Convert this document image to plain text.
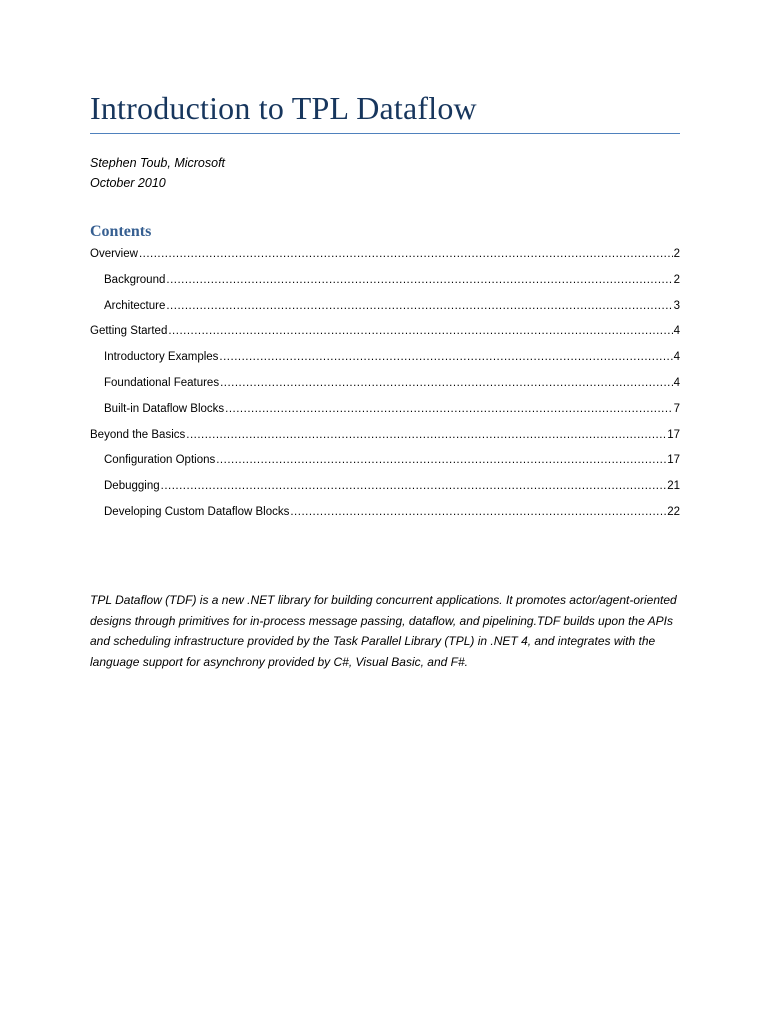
Introduction to TPL Dataflow
Stephen Toub, Microsoft
October 2010
Contents
Overview .....	2
Background .....	2
Architecture .....	3
Getting Started .....	4
Introductory Examples .....	4
Foundational Features .....	4
Built-in Dataflow Blocks .....	7
Beyond the Basics .....	17
Configuration Options .....	17
Debugging .....	21
Developing Custom Dataflow Blocks .....	22

TPL Dataflow (TDF) is a new .NET library for building concurrent applications. It promotes actor/agent-oriented designs through primitives for in-process message passing, dataflow, and pipelining.TDF builds upon the APIs and scheduling infrastructure provided by the Task Parallel Library (TPL) in .NET 4, and integrates with the language support for asynchrony provided by C#, Visual Basic, and F#.
